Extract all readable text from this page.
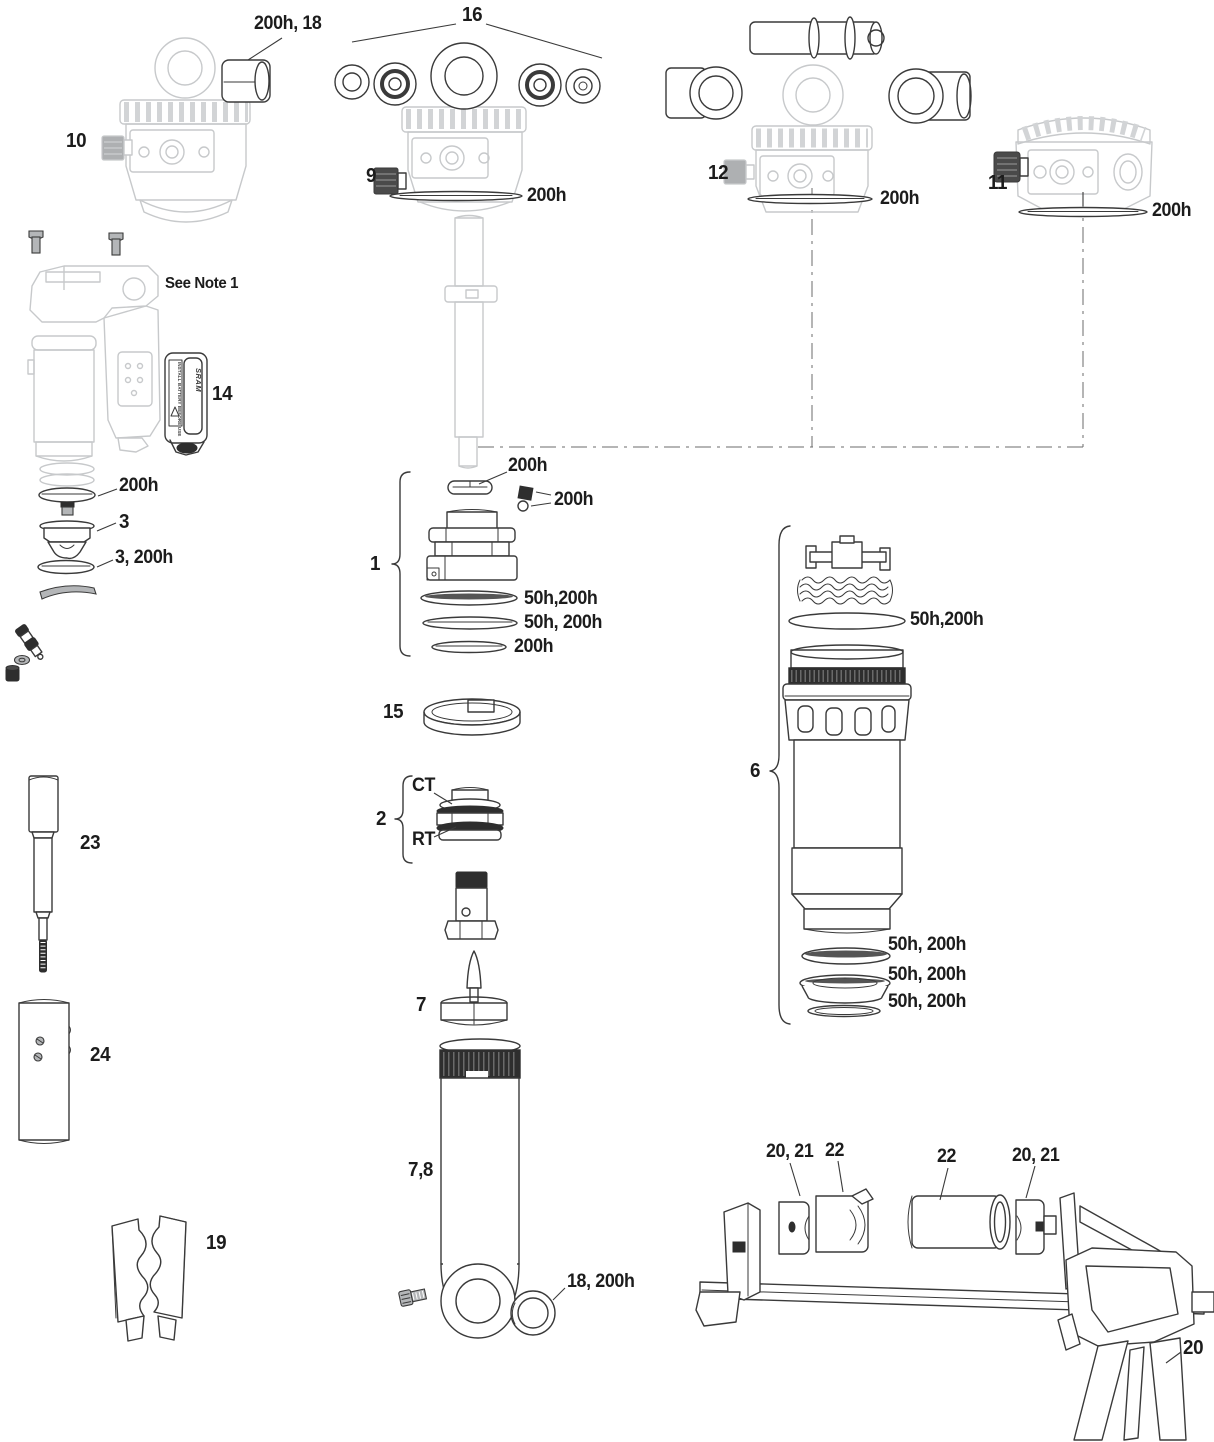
INSTALL BATTERY BEFORE USE SRAM
200h, 18	16
10
9
200h
12
200h
11
200h
See Note 1
14
200h
3
3, 200h
23
24
19
200h
200h
1
50h,200h
50h, 200h
200h
15
2
CT
RT
7
7,8
18, 200h
6
50h,200h
50h, 200h
50h, 200h
50h, 200h
20, 21 22	22	20, 21
20
